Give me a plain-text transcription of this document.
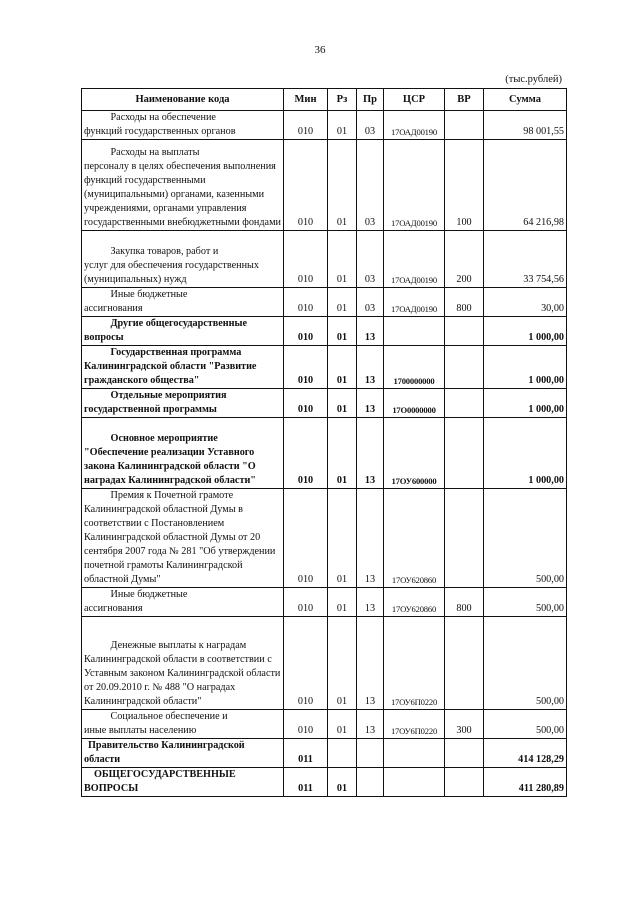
36
(тыс.рублей)
Наименование кода	Мин	Рз	Пр	ЦСР	ВР	Сумма

Расходы на обеспечение
функций государственных органов	010	01	03	17ОАД00190		98 001,55

Расходы на выплаты
персоналу в целях обеспечения выполнения функций государственными (муниципальными) органами, казенными учреждениями, органами управления государственными внебюджетными фондами	010	01	03	17ОАД00190	100	64 216,98

Закупка товаров, работ и
услуг для обеспечения государственных (муниципальных) нужд	010	01	03	17ОАД00190	200	33 754,56

Иные бюджетные
ассигнования	010	01	03	17ОАД00190	800	30,00

Другие общегосударственные
вопросы	010	01	13			1 000,00

Государственная программа
Калининградской области "Развитие гражданского общества"	010	01	13	1700000000		1 000,00

Отдельные мероприятия
государственной программы	010	01	13	17О0000000		1 000,00

Основное мероприятие
"Обеспечение реализации Уставного закона Калининградской области "О наградах Калининградской области"	010	01	13	17ОУ600000		1 000,00

Премия к Почетной грамоте
Калининградской областной Думы в соответствии с Постановлением Калининградской областной Думы от 20 сентября 2007 года № 281 "Об утверждении почетной грамоты Калининградской областной Думы"	010	01	13	17ОУ620860		500,00

Иные бюджетные
ассигнования	010	01	13	17ОУ620860	800	500,00

Денежные выплаты к наградам
Калининградской области в соответствии с Уставным законом Калининградской области от 20.09.2010 г. № 488 "О наградах Калининградской области"	010	01	13	17ОУ6П0220		500,00

Социальное обеспечение и
иные выплаты населению	010	01	13	17ОУ6П0220	300	500,00

Правительство Калининградской
области	011					414 128,29

ОБЩЕГОСУДАРСТВЕННЫЕ
ВОПРОСЫ	011	01				411 280,89
